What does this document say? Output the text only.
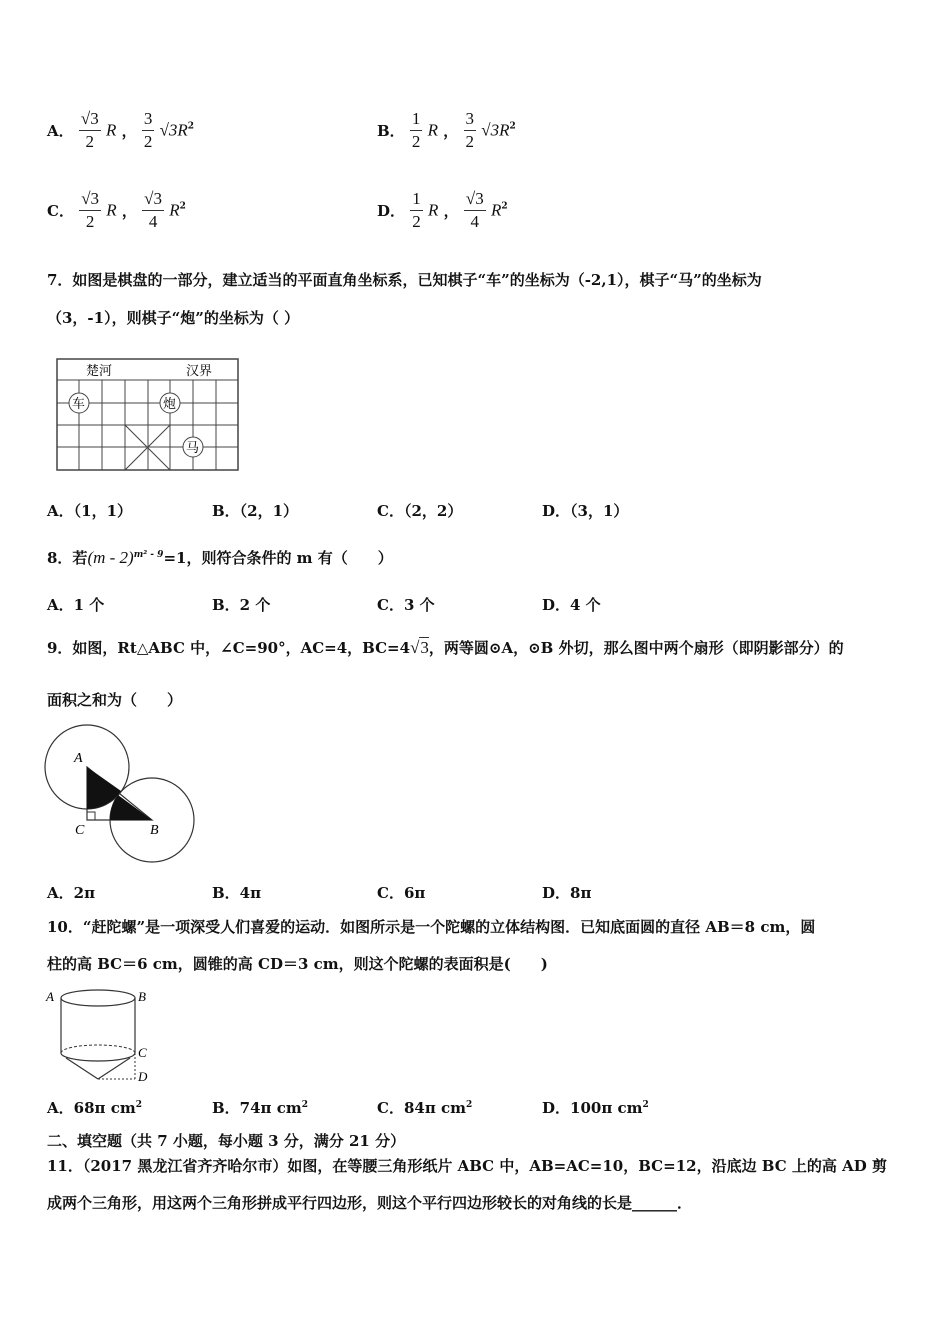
A． $\frac{√3}{2}$ R ， $\frac{3}{2} √3R^2$	B． $\frac{1}{2}$ R ， $\frac{3}{2} √3R^2$
C． $\frac{√3}{2}$ R ， $\frac{√3}{4} R^2$	D． $\frac{1}{2}$ R ， $\frac{√3}{4} R^2$
7．如图是棋盘的一部分，建立适当的平面直角坐标系，已知棋子“车”的坐标为（-2,1），棋子“马”的坐标为
（3，-1），则棋子“炮”的坐标为（ ）
楚河	汉界
车	炮
马
A．（1，1）	B．（2，1）	C．（2，2）	D．（3，1）
8．若(m - 2)$^{m^2 - 9}$=1，则符合条件的 m 有（　　）
A．1 个	B．2 个	C．3 个	D．4 个
9．如图，Rt△ABC 中，∠C=90°，AC=4，BC=4√3，两等圆⊙A，⊙B 外切，那么图中两个扇形（即阴影部分）的
面积之和为（　　）
A
C	B
A．2π	B．4π	C．6π	D．8π
10．“赶陀螺”是一项深受人们喜爱的运动．如图所示是一个陀螺的立体结构图．已知底面圆的直径 AB＝8 cm，圆
柱的高 BC＝6 cm，圆锥的高 CD＝3 cm，则这个陀螺的表面积是(　　)
A	B
C
D
A．68π $cm^2$	B．74π $cm^2$	C．84π $cm^2$	D．100π $cm^2$
二、填空题（共 7 小题，每小题 3 分，满分 21 分）
11．（2017 黑龙江省齐齐哈尔市）如图，在等腰三角形纸片 ABC 中，AB=AC=10，BC=12，沿底边 BC 上的高 AD 剪
成两个三角形，用这两个三角形拼成平行四边形，则这个平行四边形较长的对角线的长是______．
